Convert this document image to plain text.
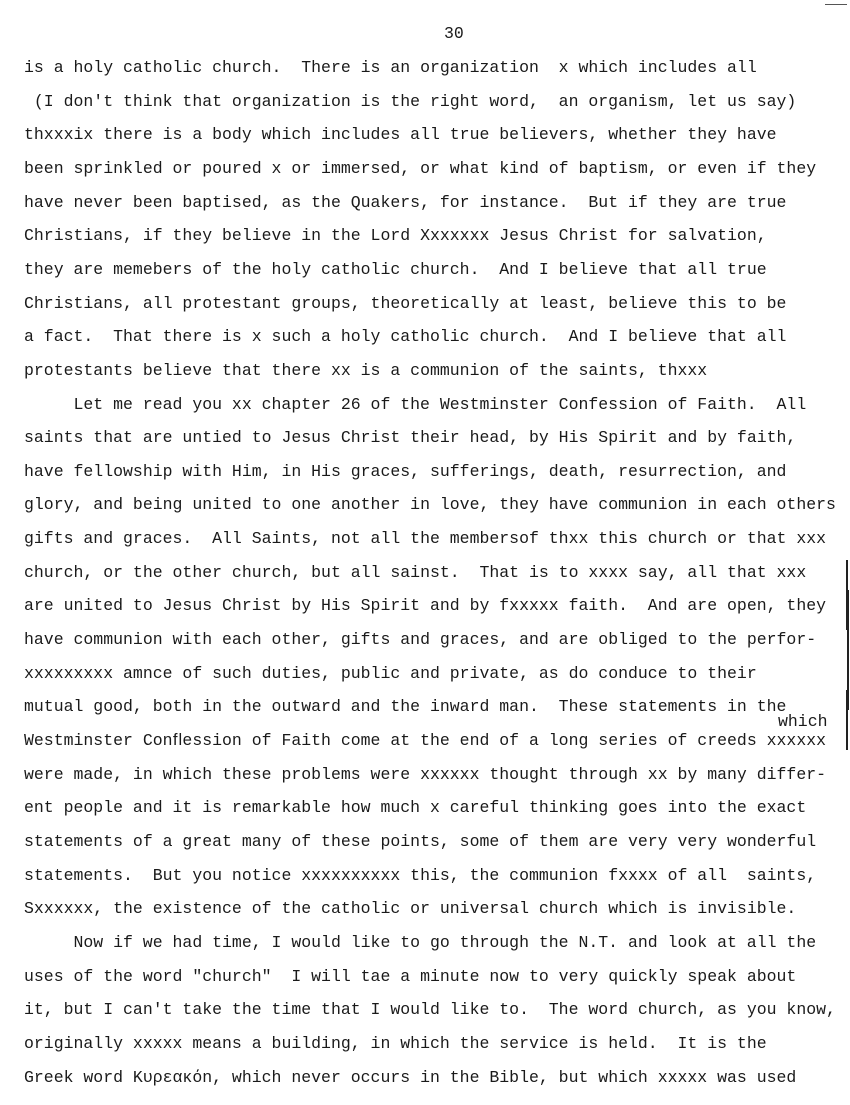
30
which
is a holy catholic church.  There is an organization  x which includes all
(I don't think that organization is the right word,  an organism, let us say)
thxxxix there is a body which includes all true believers, whether they have
been sprinkled or poured x or immersed, or what kind of baptism, or even if they
have never been baptised, as the Quakers, for instance.  But if they are true
Christians, if they believe in the Lord Xxxxxxx Jesus Christ for salvation,
they are memebers of the holy catholic church.  And I believe that all true
Christians, all protestant groups, theoretically at least, believe this to be
a fact.  That there is x such a holy catholic church.  And I believe that all
protestants believe that there xx is a communion of the saints, thxxx
Let me read you xx chapter 26 of the Westminster Confession of Faith.  All
saints that are untied to Jesus Christ their head, by His Spirit and by faith,
have fellowship with Him, in His graces, sufferings, death, resurrection, and
glory, and being united to one another in love, they have communion in each others
gifts and graces.  All Saints, not all the membersof thxx this church or that xxx
church, or the other church, but all sainst.  That is to xxxx say, all that xxx
are united to Jesus Christ by His Spirit and by fxxxxx faith.  And are open, they
have communion with each other, gifts and graces, and are obliged to the perfor-
xxxxxxxxx amnce of such duties, public and private, as do conduce to their
mutual good, both in the outward and the inward man.  These statements in the
Westminster Conﬂession of Faith come at the end of a long series of creeds xxxxxx
were made, in which these problems were xxxxxx thought through xx by many differ-
ent people and it is remarkable how much x careful thinking goes into the exact
statements of a great many of these points, some of them are very very wonderful
statements.  But you notice xxxxxxxxxx this, the communion fxxxx of all  saints,
Sxxxxxx, the existence of the catholic or universal church which is invisible.
Now if we had time, I would like to go through the N.T. and look at all the
uses of the word "church"  I will tae a minute now to very quickly speak about
it, but I can't take the time that I would like to.  The word church, as you know,
originally xxxxx means a building, in which the service is held.  It is the
Greek word Kυρεακόn, which never occurs in the Bible, but which xxxxx was used
